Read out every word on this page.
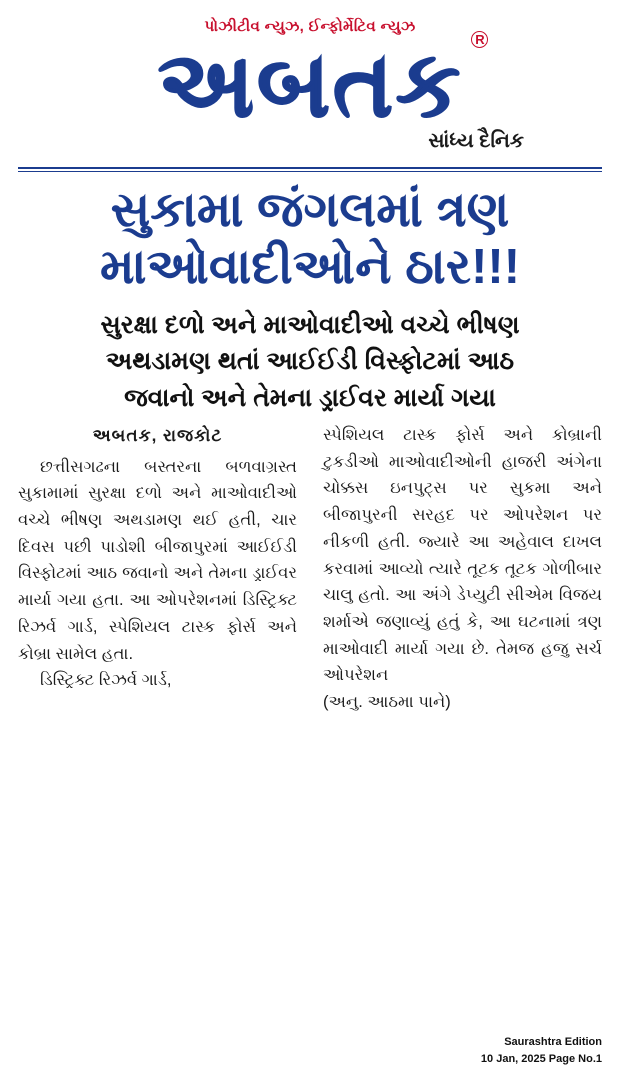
પોઝીટીવ ન્યુઝ, ઈન્ફોર્મેટિવ ન્યુઝ
અબતક R
સાંધ્ય દૈનિક
સુકામા જંગલમાં ત્રણ
માઓવાદીઓને ઠાર!!!
સુરક્ષા દળો અને માઓવાદીઓ વચ્ચે ભીષણ
અથડામણ થતાં આઈઈડી વિસ્ફોટમાં આઠ
જવાનો અને તેમના ડ્રાઈવર માર્યા ગયા
અબતક, રાજકોટ

છત્તીસગઢના બસ્તરના બળવાગ્રસ્ત સુકામામાં સુરક્ષા દળો અને માઓવાદીઓ વચ્ચે ભીષણ અથડામણ થઈ હતી, ચાર દિવસ પછી પાડોશી બીજાપુરમાં આઈઈડી વિસ્ફોટમાં આઠ જવાનો અને તેમના ડ્રાઈવર માર્યા ગયા હતા. આ ઓપરેશનમાં ડિસ્ટ્રિક્ટ રિઝર્વ ગાર્ડ, સ્પેશિયલ ટાસ્ક ફોર્સ અને કોબ્રા સામેલ હતા.

ડિસ્ટ્રિક્ટ રિઝર્વ ગાર્ડ,

સ્પેશિયલ ટાસ્ક ફોર્સ અને કોબ્રાની ટુકડીઓ માઓવાદીઓની હાજરી અંગેના ચોક્કસ ઇનપુટ્સ પર સુકમા અને બીજાપુરની સરહદ પર ઓપરેશન પર નીકળી હતી. જ્યારે આ અહેવાલ દાખલ કરવામાં આવ્યો ત્યારે તૂટક તૂટક ગોળીબાર ચાલુ હતો. આ અંગે ડેપ્યુટી સીએમ વિજય શર્માએ જણાવ્યું હતું કે, આ ઘટનામાં ત્રણ માઓવાદી માર્યા ગયા છે. તેમજ હજુ સર્ચ ઓપરેશન

(અનુ. આઠમા પાને)

Saurashtra Edition
10 Jan, 2025 Page No.1
